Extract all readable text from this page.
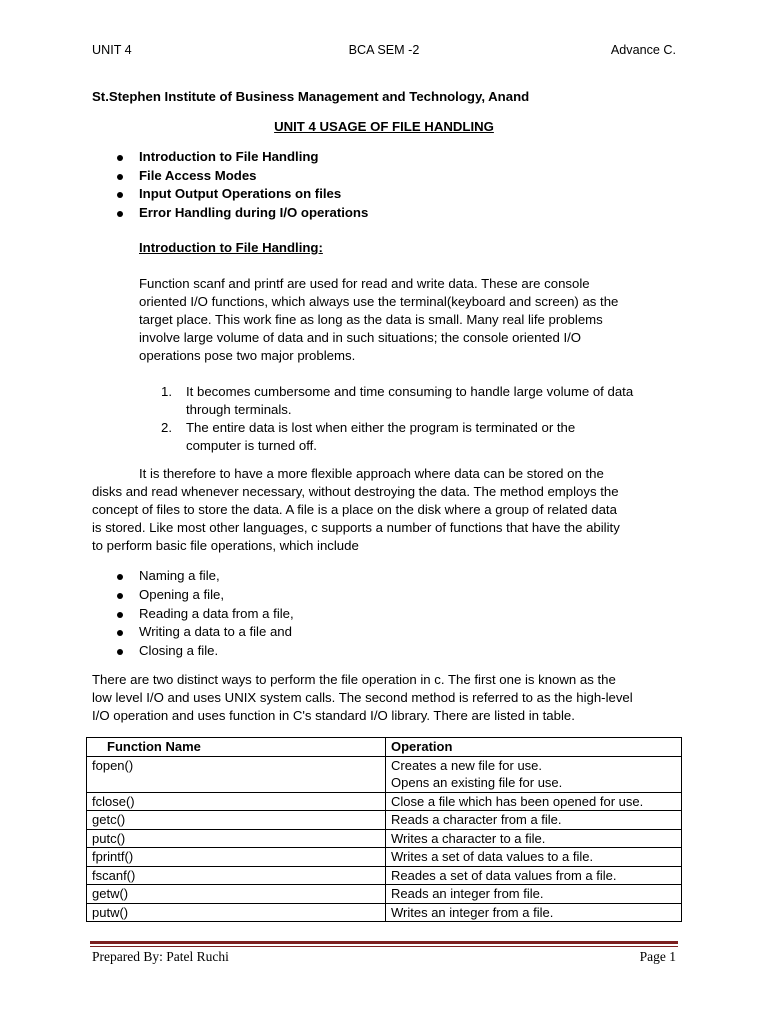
UNIT 4	BCA SEM -2	Advance C.
St.Stephen Institute of Business Management and Technology, Anand
UNIT 4 USAGE OF FILE HANDLING
Introduction to File Handling
File Access Modes
Input Output Operations on files
Error Handling during I/O operations
Introduction to File Handling:
Function scanf and printf are used for read and write data. These are console
oriented I/O functions, which always use the terminal(keyboard and screen) as the
target place. This work fine as long as the data is small. Many real life problems
involve large volume of data and in such situations; the console oriented I/O
operations pose two major problems.
1. It becomes cumbersome and time consuming to handle large volume of data
through terminals.
2. The entire data is lost when either the program is terminated or the
computer is turned off.
It is therefore to have a more flexible approach where data can be stored on the
disks and read whenever necessary, without destroying the data. The method employs the
concept of files to store the data. A file is a place on the disk where a group of related data
is stored. Like most other languages, c supports a number of functions that have the ability
to perform basic file operations, which include
Naming a file,
Opening a file,
Reading a data from a file,
Writing a data to a file and
Closing a file.
There are two distinct ways to perform the file operation in c. The first one is known as the
low level I/O and uses UNIX system calls. The second method is referred to as the high-level
I/O operation and uses function in C's standard I/O library. There are listed in table.
Function Name	Operation
fopen()	Creates a new file for use.
Opens an existing file for use.

fclose()	Close a file which has been opened for use.
getc()	Reads a character from a file.
putc()	Writes a character to a file.
fprintf()	Writes a set of data values to a file.
fscanf()	Reades a set of data values from a file.
getw()	Reads an integer from file.
putw()	Writes an integer from a file.
Prepared By: Patel Ruchi	Page 1
